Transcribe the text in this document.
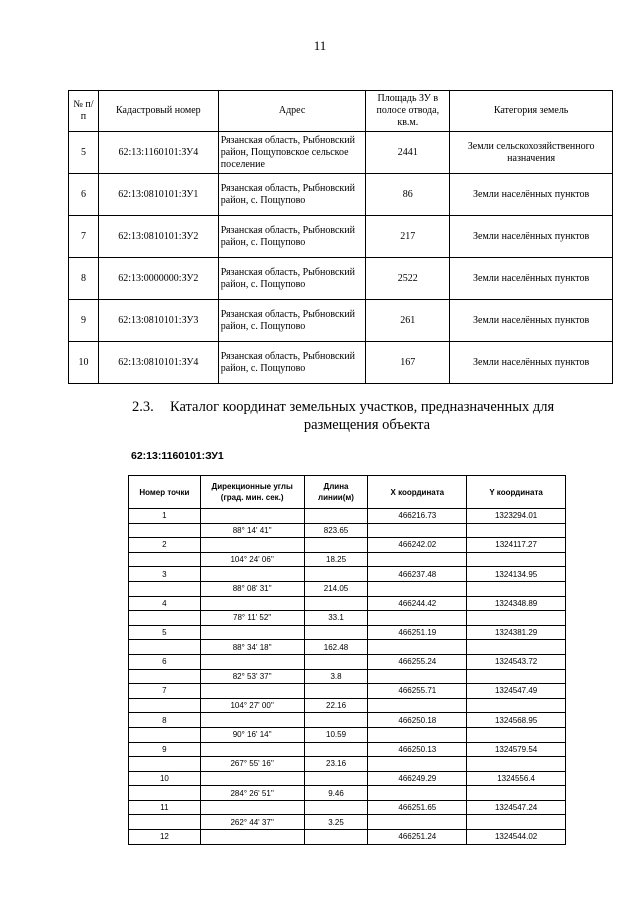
11
№ п/п	Кадастровый номер	Адрес	Площадь ЗУ в полосе отвода, кв.м.	Категория земель
5	62:13:1160101:ЗУ4	Рязанская область, Рыбновский район, Пощуповское сельское поселение	2441	Земли сельскохозяйственного назначения
6	62:13:0810101:ЗУ1	Рязанская область, Рыбновский район, с. Пощупово	86	Земли населённых пунктов
7	62:13:0810101:ЗУ2	Рязанская область, Рыбновский район, с. Пощупово	217	Земли населённых пунктов
8	62:13:0000000:ЗУ2	Рязанская область, Рыбновский район, с. Пощупово	2522	Земли населённых пунктов
9	62:13:0810101:ЗУ3	Рязанская область, Рыбновский район, с. Пощупово	261	Земли населённых пунктов
10	62:13:0810101:ЗУ4	Рязанская область, Рыбновский район, с. Пощупово	167	Земли населённых пунктов
2.3. Каталог координат земельных участков, предназначенных для
размещения объекта
62:13:1160101:ЗУ1
Номер точки	Дирекционные углы (град. мин. сек.)	Длина линии(м)	X координата	Y координата
1			466216.73	1323294.01
	88° 14' 41''	823.65		
2			466242.02	1324117.27
	104° 24' 06''	18.25		
3			466237.48	1324134.95
	88° 08' 31''	214.05		
4			466244.42	1324348.89
	78° 11' 52''	33.1		
5			466251.19	1324381.29
	88° 34' 18''	162.48		
6			466255.24	1324543.72
	82° 53' 37''	3.8		
7			466255.71	1324547.49
	104° 27' 00''	22.16		
8			466250.18	1324568.95
	90° 16' 14''	10.59		
9			466250.13	1324579.54
	267° 55' 16''	23.16		
10			466249.29	1324556.4
	284° 26' 51''	9.46		
11			466251.65	1324547.24
	262° 44' 37''	3.25		
12			466251.24	1324544.02
